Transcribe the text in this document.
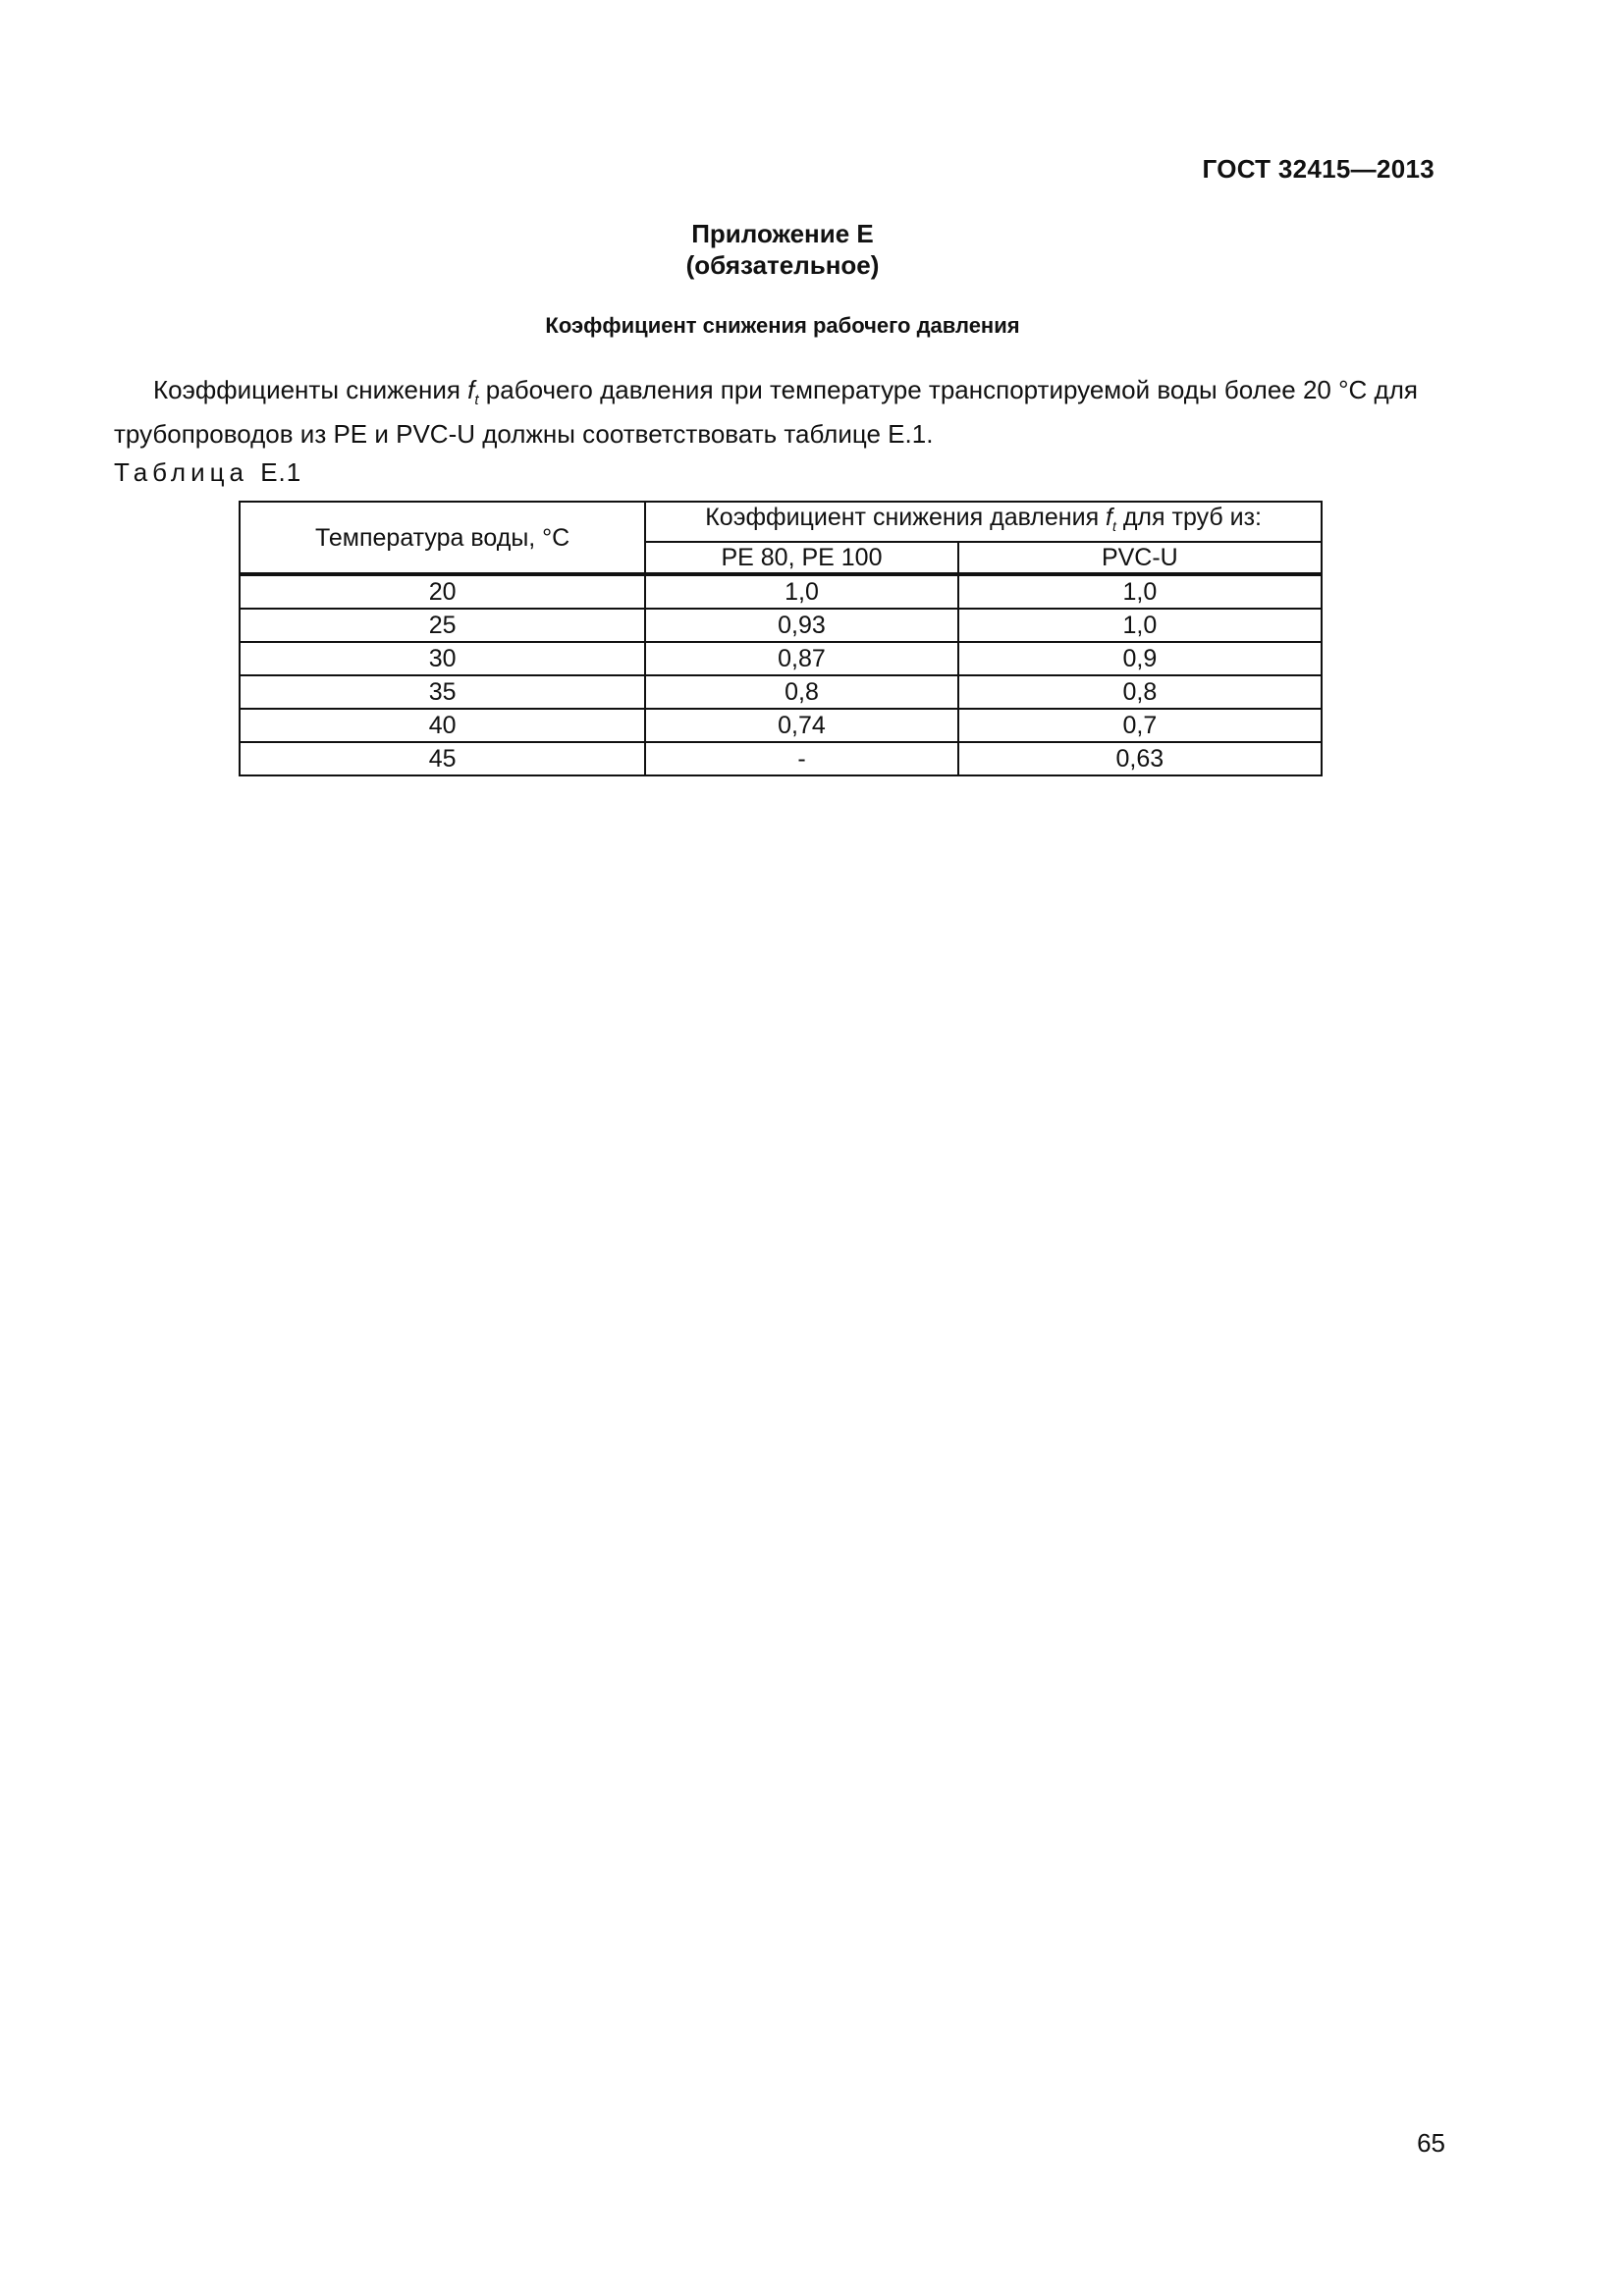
ГОСТ 32415—2013
Приложение Е
(обязательное)
Коэффициент снижения рабочего давления
Коэффициенты снижения $f_t$ рабочего давления при температуре транспортируемой воды более 20 °С для трубопроводов из PE и PVC-U должны соответствовать таблице Е.1.
Таблица Е.1
Температура воды, °С	Коэффициент снижения давления $f_t$ для труб из:	
	PE 80, PE 100	PVC-U
20	1,0	1,0
25	0,93	1,0
30	0,87	0,9
35	0,8	0,8
40	0,74	0,7
45	-	0,63
65
